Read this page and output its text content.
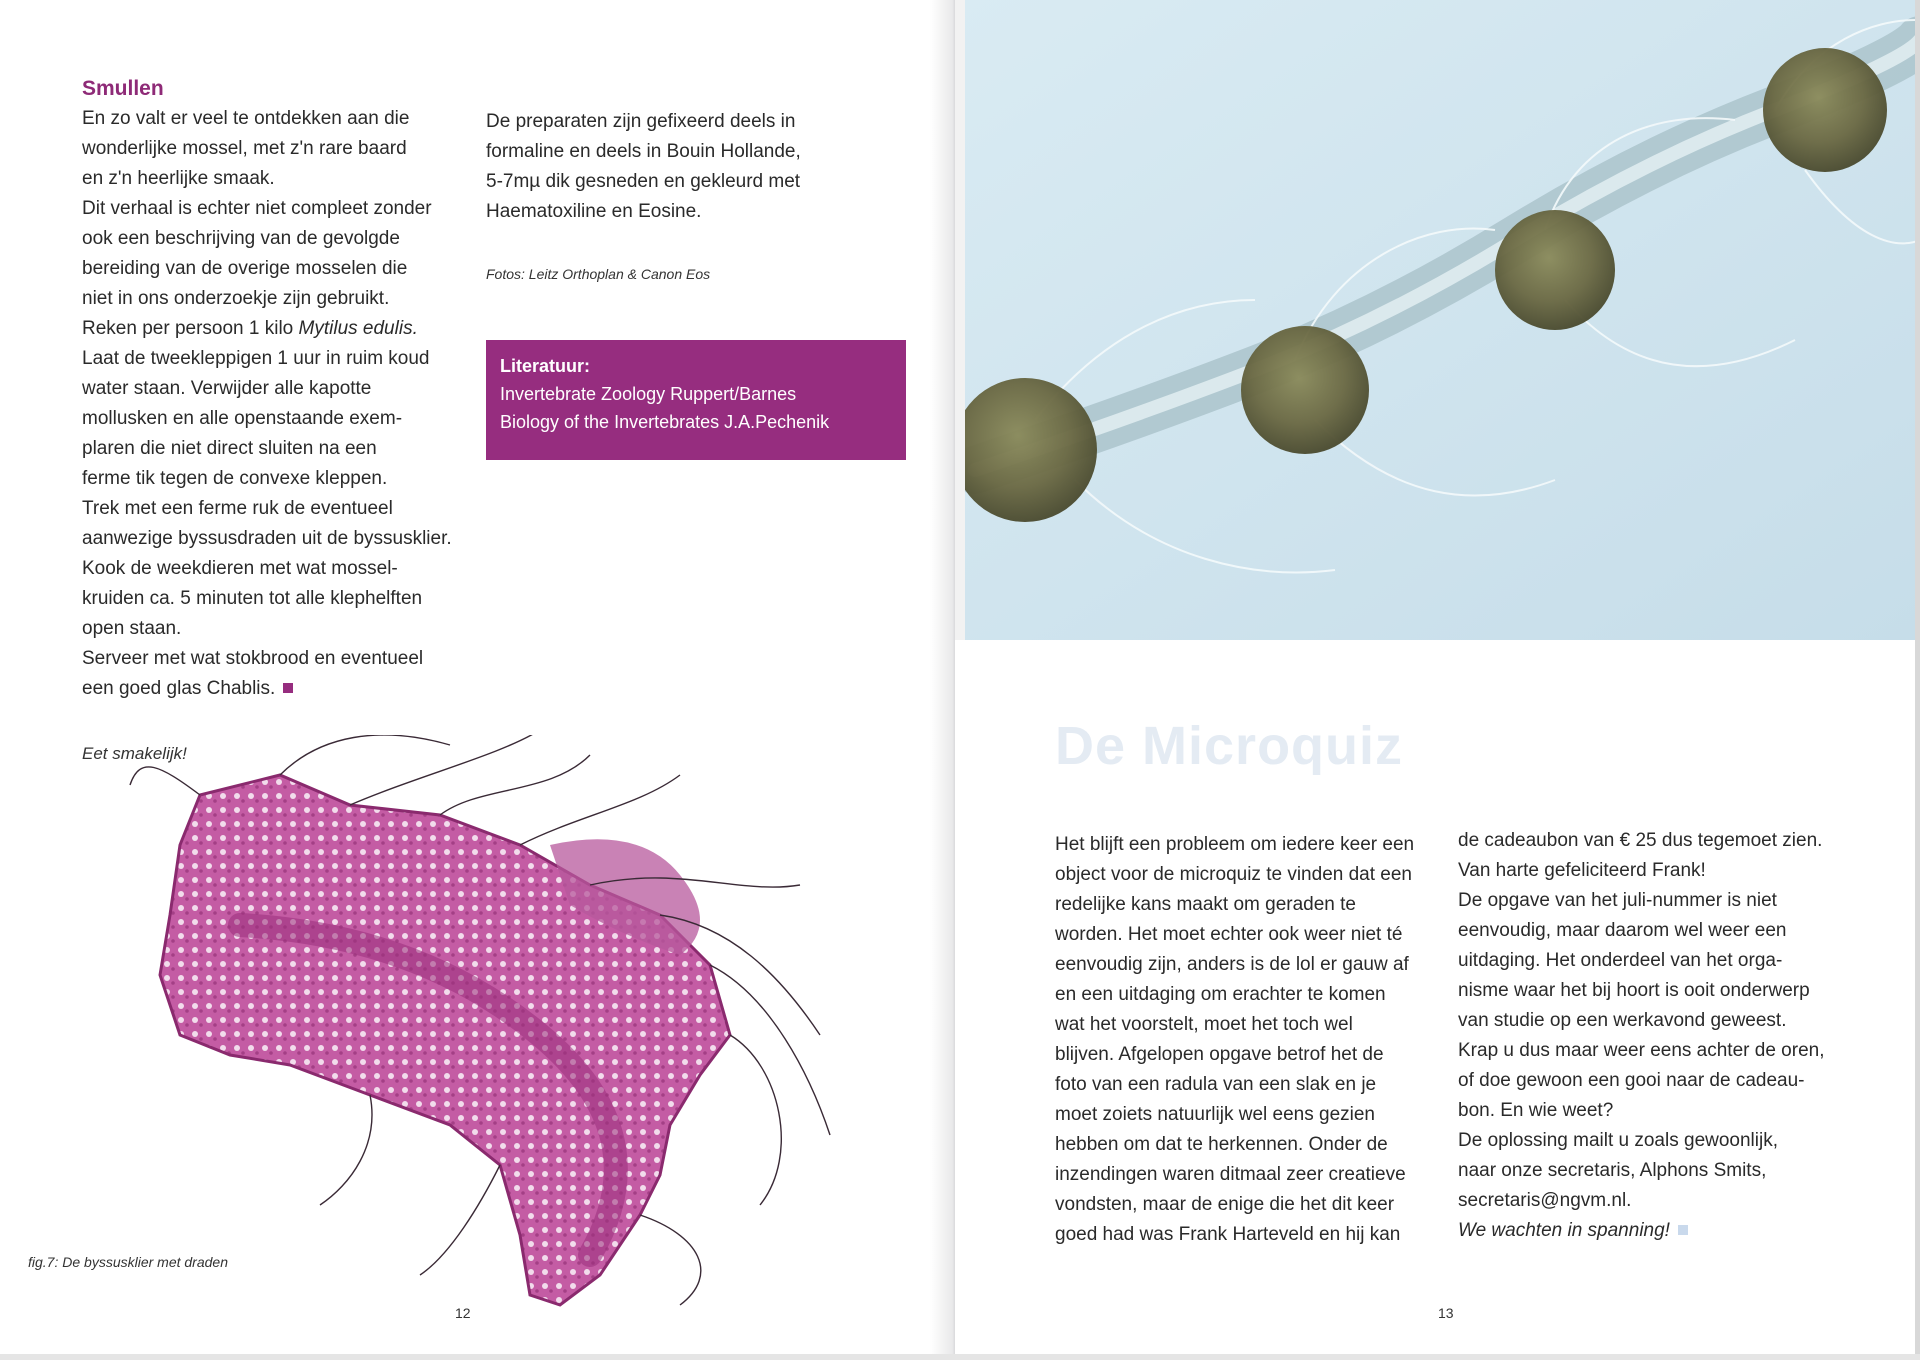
Smullen

En zo valt er veel te ontdekken aan die

wonderlijke mossel, met z'n rare baard

en z'n heerlijke smaak.

Dit verhaal is echter niet compleet zonder

ook een beschrijving van de gevolgde

bereiding van de overige mosselen die

niet in ons onderzoekje zijn gebruikt.

Reken per persoon 1 kilo Mytilus edulis.

Laat de tweekleppigen 1 uur in ruim koud

water staan. Verwijder alle kapotte

mollusken en alle openstaande exem-

plaren die niet direct sluiten na een

ferme tik tegen de convexe kleppen.

Trek met een ferme ruk de eventueel

aanwezige byssusdraden uit de byssusklier.

Kook de weekdieren met wat mossel-

kruiden ca. 5 minuten tot alle klephelften

open staan.

Serveer met wat stokbrood en eventueel

een goed glas Chablis.

Eet smakelijk!

De preparaten zijn gefixeerd deels in

formaline en deels in Bouin Hollande,

5-7mµ dik gesneden en gekleurd met

Haematoxiline en Eosine.

Fotos: Leitz Orthoplan & Canon Eos
Literatuur:
Invertebrate Zoology Ruppert/Barnes
Biology of the Invertebrates J.A.Pechenik
fig.7: De byssusklier met draden
12
De Microquiz

Het blijft een probleem om iedere keer een

object voor de microquiz te vinden dat een

redelijke kans maakt om geraden te

worden. Het moet echter ook weer niet té

eenvoudig zijn, anders is de lol er gauw af

en een uitdaging om erachter te komen

wat het voorstelt, moet het toch wel

blijven. Afgelopen opgave betrof het de

foto van een radula van een slak en je

moet zoiets natuurlijk wel eens gezien

hebben om dat te herkennen. Onder de

inzendingen waren ditmaal zeer creatieve

vondsten, maar de enige die het dit keer

goed had was Frank Harteveld en hij kan

de cadeaubon van € 25 dus tegemoet zien.

Van harte gefeliciteerd Frank!

De opgave van het juli-nummer is niet

eenvoudig, maar daarom wel weer een

uitdaging. Het onderdeel van het orga-

nisme waar het bij hoort is ooit onderwerp

van studie op een werkavond geweest.

Krap u dus maar weer eens achter de oren,

of doe gewoon een gooi naar de cadeau-

bon. En wie weet?

De oplossing mailt u zoals gewoonlijk,

naar onze secretaris, Alphons Smits,

secretaris@ngvm.nl.

We wachten in spanning!

13
